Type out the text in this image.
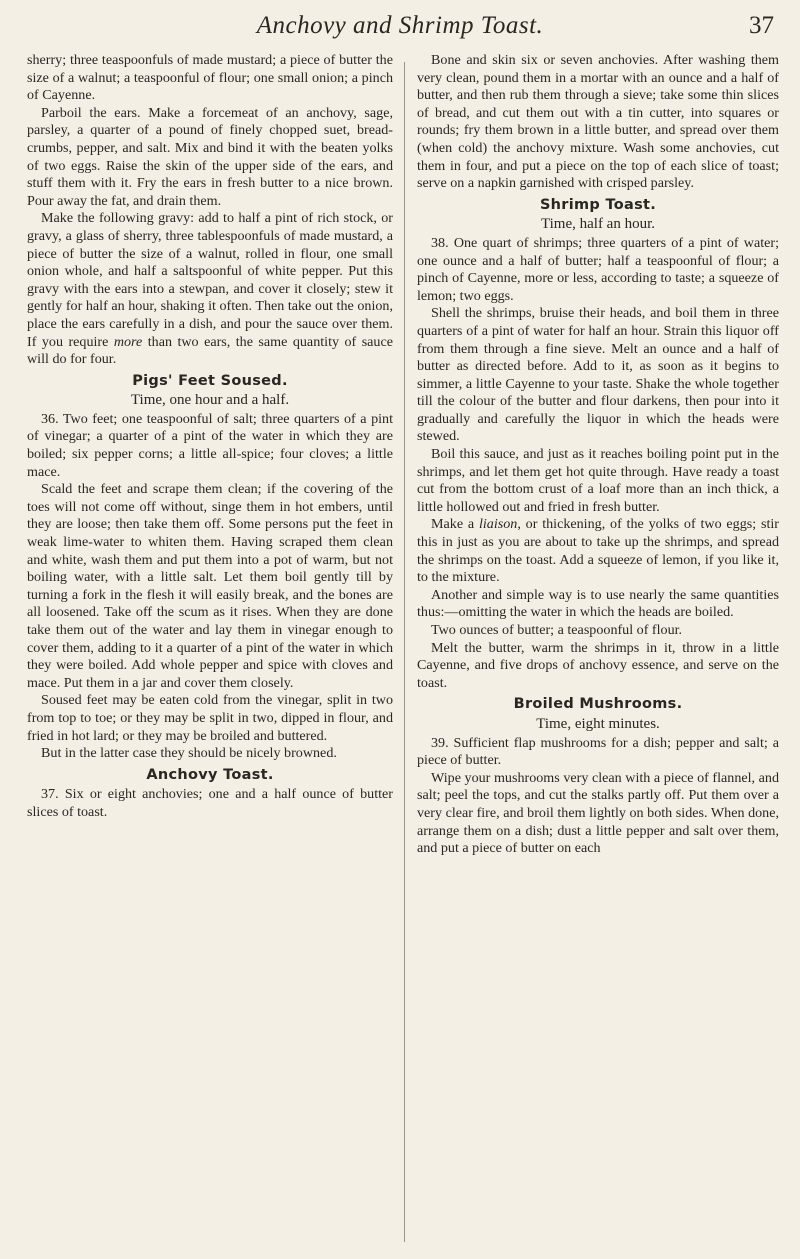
Anchovy and Shrimp Toast.	37

sherry; three teaspoonfuls of made mustard; a piece of butter the size of a walnut; a teaspoonful of flour; one small onion; a pinch of Cayenne.

Parboil the ears. Make a forcemeat of an anchovy, sage, parsley, a quarter of a pound of finely chopped suet, bread-crumbs, pepper, and salt. Mix and bind it with the beaten yolks of two eggs. Raise the skin of the upper side of the ears, and stuff them with it. Fry the ears in fresh butter to a nice brown. Pour away the fat, and drain them.

Make the following gravy: add to half a pint of rich stock, or gravy, a glass of sherry, three tablespoonfuls of made mustard, a piece of butter the size of a walnut, rolled in flour, one small onion whole, and half a saltspoonful of white pepper. Put this gravy with the ears into a stewpan, and cover it closely; stew it gently for half an hour, shaking it often. Then take out the onion, place the ears carefully in a dish, and pour the sauce over them. If you require more than two ears, the same quantity of sauce will do for four.

Pigs' Feet Soused.

Time, one hour and a half.

36. Two feet; one teaspoonful of salt; three quarters of a pint of vinegar; a quarter of a pint of the water in which they are boiled; six pepper corns; a little all-spice; four cloves; a little mace.

Scald the feet and scrape them clean; if the covering of the toes will not come off without, singe them in hot embers, until they are loose; then take them off. Some persons put the feet in weak lime-water to whiten them. Having scraped them clean and white, wash them and put them into a pot of warm, but not boiling water, with a little salt. Let them boil gently till by turning a fork in the flesh it will easily break, and the bones are all loosened. Take off the scum as it rises. When they are done take them out of the water and lay them in vinegar enough to cover them, adding to it a quarter of a pint of the water in which they were boiled. Add whole pepper and spice with cloves and mace. Put them in a jar and cover them closely.

Soused feet may be eaten cold from the vinegar, split in two from top to toe; or they may be split in two, dipped in flour, and fried in hot lard; or they may be broiled and buttered.

But in the latter case they should be nicely browned.

Anchovy Toast.

37. Six or eight anchovies; one and a half ounce of butter slices of toast.

Bone and skin six or seven anchovies. After washing them very clean, pound them in a mortar with an ounce and a half of butter, and then rub them through a sieve; take some thin slices of bread, and cut them out with a tin cutter, into squares or rounds; fry them brown in a little butter, and spread over them (when cold) the anchovy mixture. Wash some anchovies, cut them in four, and put a piece on the top of each slice of toast; serve on a napkin garnished with crisped parsley.

Shrimp Toast.

Time, half an hour.

38. One quart of shrimps; three quarters of a pint of water; one ounce and a half of butter; half a teaspoonful of flour; a pinch of Cayenne, more or less, according to taste; a squeeze of lemon; two eggs.

Shell the shrimps, bruise their heads, and boil them in three quarters of a pint of water for half an hour. Strain this liquor off from them through a fine sieve. Melt an ounce and a half of butter as directed before. Add to it, as soon as it begins to simmer, a little Cayenne to your taste. Shake the whole together till the colour of the butter and flour darkens, then pour into it gradually and carefully the liquor in which the heads were stewed.

Boil this sauce, and just as it reaches boiling point put in the shrimps, and let them get hot quite through. Have ready a toast cut from the bottom crust of a loaf more than an inch thick, a little hollowed out and fried in fresh butter.

Make a liaison, or thickening, of the yolks of two eggs; stir this in just as you are about to take up the shrimps, and spread the shrimps on the toast. Add a squeeze of lemon, if you like it, to the mixture.

Another and simple way is to use nearly the same quantities thus:—omitting the water in which the heads are boiled.

Two ounces of butter; a teaspoonful of flour.

Melt the butter, warm the shrimps in it, throw in a little Cayenne, and five drops of anchovy essence, and serve on the toast.

Broiled Mushrooms.

Time, eight minutes.

39. Sufficient flap mushrooms for a dish; pepper and salt; a piece of butter.

Wipe your mushrooms very clean with a piece of flannel, and salt; peel the tops, and cut the stalks partly off. Put them over a very clear fire, and broil them lightly on both sides. When done, arrange them on a dish; dust a little pepper and salt over them, and put a piece of butter on each
